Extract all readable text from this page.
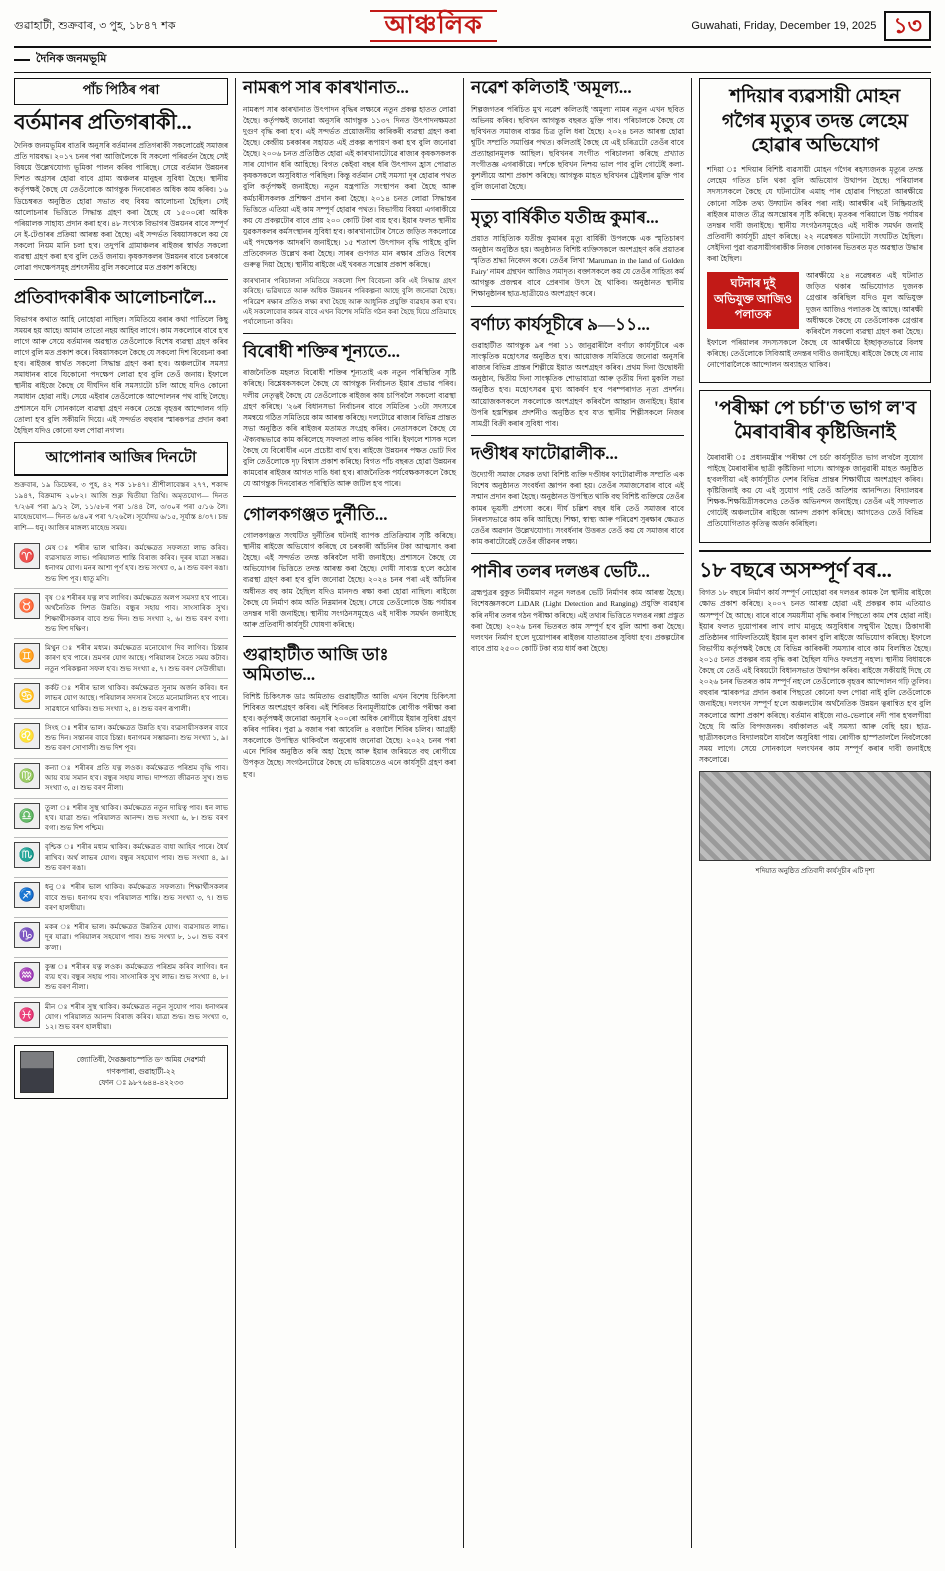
গুৱাহাটী, শুক্ৰবাৰ, ৩ পুহ, ১৮৪৭ শক	আঞ্চলিক	Guwahati, Friday, December 19, 2025 ১৩
দৈনিক জনমভূমি
পাঁচ পিঠিৰ পৰা
বৰ্তমানৰ প্ৰতিগৰাকী...

দৈনিক জনমভূমিৰ বাতৰি অনুসৰি বৰ্তমানৰ প্ৰতিগৰাকী সকলোৱেই সমাজৰ প্ৰতি দায়বদ্ধ। ২০১৭ চনৰ পৰা আজিলৈকে যি সকলো পৰিৱৰ্তন হৈছে সেই বিষয়ে উল্লেখযোগ্য ভূমিকা পালন কৰিব পাৰিছে। সেয়ে বৰ্তমান উন্নয়নৰ দিশত অগ্ৰসৰ হোৱা বাবে গ্ৰাম্য অঞ্চলৰ মানুহৰ সুবিধা হৈছে। স্থানীয় কৰ্তৃপক্ষই কৈছে যে তেওঁলোকে আগন্তুক দিনবোৰত অধিক কাম কৰিব। ১৬ ডিচেম্বৰত অনুষ্ঠিত হোৱা সভাত বহু বিষয় আলোচনা হৈছিল। সেই আলোচনাৰ ভিত্তিতে সিদ্ধান্ত গ্ৰহণ কৰা হৈছে যে ১৫০০ৰো অধিক পৰিয়ালক সাহায্য প্ৰদান কৰা হ'ব। ৪৮ সংখ্যক বিভাগৰ উন্নয়নৰ বাবে সম্পূৰ্ণ নে ই-টেণ্ডাৰৰ প্ৰক্ৰিয়া আৰম্ভ কৰা হৈছে। এই সন্দৰ্ভত বিষয়াসকলে কয় যে সকলো নিয়ম মানি চলা হ'ব। তদুপৰি গ্ৰামাঞ্চলৰ ৰাইজৰ স্বাৰ্থত সকলো ব্যৱস্থা গ্ৰহণ কৰা হ'ব বুলি তেওঁ জনায়। কৃষকসকলৰ উন্নয়নৰ বাবে চৰকাৰে লোৱা পদক্ষেপসমূহ প্ৰশংসনীয় বুলি সকলোৱে মত প্ৰকাশ কৰিছে।

প্ৰতিবাদকাৰীক আলোচনালৈ...

বিভাগৰ কথাত আহি নোহোৱা নাছিল। সমিতিয়ে বৰাৰ কথা পাতিলে কিছু সময়ৰ হয় আহে। আমাৰ তাতো নহয় আহিব লাগে। কাম সকলোৰে বাবে হ'ব লাগে আৰু সেয়ে বৰ্তমানৰ অৱস্থাত তেওঁলোকে বিশেষ ব্যৱস্থা গ্ৰহণ কৰিব লাগে বুলি মত প্ৰকাশ কৰে। বিষয়াসকলে কৈছে যে সকলো দিশ বিবেচনা কৰা হ'ব। ৰাইজৰ স্বাৰ্থত সকলো সিদ্ধান্ত গ্ৰহণ কৰা হ'ব। অঞ্চলটোৰ সমস্যা সমাধানৰ বাবে যিকোনো পদক্ষেপ লোৱা হ'ব বুলি তেওঁ জনায়। ইফালে স্থানীয় ৰাইজে কৈছে যে দীৰ্ঘদিন ধৰি সমস্যাটো চলি আছে যদিও কোনো সমাধান হোৱা নাই। সেয়ে এইবাৰ তেওঁলোকে আন্দোলনৰ পথ বাছি লৈছে। প্ৰশাসনে যদি সোনকালে ব্যৱস্থা গ্ৰহণ নকৰে তেন্তে বৃহত্তৰ আন্দোলন গঢ়ি তোলা হ'ব বুলি সকীয়নি দিয়ে। এই সন্দৰ্ভত বহুবাৰ স্মাৰকপত্ৰ প্ৰদান কৰা হৈছিল যদিও কোনো ফল পোৱা নগ'ল।

আপোনাৰ আজিৰ দিনটো

শুক্ৰবাৰ, ১৯ ডিচেম্বৰ, ৩ পুহ, ৪২ শক ১৮৪৭। শ্ৰীশীলাবেস্তৰ ২৭৭, শকাব্দ ১৯৪৭, বিক্ৰমাব্দ ২০৮২। আজি শুক্ল দ্বিতীয়া তিথি। অমৃতযোগ— দিনত ৭/২৬ৰ পৰা ৯/১২ লৈ, ১১/৫৮ৰ পৰা ১/৪৪ লৈ, ৩/৩০ৰ পৰা ৫/১৬ লৈ। মাহেন্দ্ৰযোগ— দিনত ৬/৪০ৰ পৰা ৭/২৬লৈ। সূৰ্যোদয় ৬/১৫, সূৰ্যাস্ত ৪/৩৭। চন্দ্ৰ ৰাশি— ধনু। আজিৰ মাঙ্গল্য মাহেন্দ্ৰ সময়।

♈	মেষ ঃ শৰীৰ ভাল থাকিব। কৰ্মক্ষেত্ৰত সফলতা লাভ কৰিব। ব্যৱসায়ত লাভ। পৰিয়ালত শান্তি বিৰাজ কৰিব। দূৰৰ যাত্ৰা সম্ভৱ। ধনাগম যোগ। মনৰ আশা পূৰ্ণ হ'ব। শুভ সংখ্যা ৩, ৯। শুভ বৰণ ৰঙা। শুভ দিশ পূব। ধাতু মণি।
♉	বৃষ ঃ শৰীৰৰ যত্ন ল'ব লাগিব। কৰ্মক্ষেত্ৰত অলপ সমস্যা হ'ব পাৰে। অৰ্থনৈতিক দিশত উন্নতি। বন্ধুৰ সহায় পাব। সাংসাৰিক সুখ। শিক্ষাৰ্থীসকলৰ বাবে শুভ দিন। শুভ সংখ্যা ২, ৬। শুভ বৰণ বগা। শুভ দিশ দক্ষিণ।
♊	মিথুন ঃ শৰীৰ মধ্যম। কৰ্মক্ষেত্ৰত মনোযোগ দিব লাগিব। চিন্তাৰ কাৰণ হ'ব পাৰে। ভ্ৰমণৰ যোগ আছে। পৰিয়ালৰ সৈতে সময় কটাব। নতুন পৰিকল্পনা সফল হ'ব। শুভ সংখ্যা ৫, ৭। শুভ বৰণ সেউজীয়া।
♋	কৰ্কট ঃ শৰীৰ ভাল থাকিব। কৰ্মক্ষেত্ৰত সুনাম অৰ্জন কৰিব। ধন লাভৰ যোগ আছে। পৰিয়ালৰ সদস্যৰ সৈতে মনোমালিন্য হ'ব পাৰে। সাৱধানে থাকিব। শুভ সংখ্যা ২, ৪। শুভ বৰণ ৰূপালী।
♌	সিংহ ঃ শৰীৰ ভাল। কৰ্মক্ষেত্ৰত উন্নতি হ'ব। ব্যৱসায়ীসকলৰ বাবে শুভ দিন। সন্তানৰ বাবে চিন্তা। ধনাগমৰ সম্ভাৱনা। শুভ সংখ্যা ১, ৯। শুভ বৰণ সোণালী। শুভ দিশ পূব।
♍	কন্যা ঃ শৰীৰৰ প্ৰতি যত্ন লওক। কৰ্মক্ষেত্ৰত পৰিশ্ৰম বৃদ্ধি পাব। আয় ব্যয় সমান হ'ব। বন্ধুৰ সহায় লাভ। দাম্পত্য জীৱনত সুখ। শুভ সংখ্যা ৩, ৫। শুভ বৰণ নীলা।
♎	তুলা ঃ শৰীৰ সুস্থ থাকিব। কৰ্মক্ষেত্ৰত নতুন দায়িত্ব পাব। ধন লাভ হ'ব। যাত্ৰা শুভ। পৰিয়ালত আনন্দ। শুভ সংখ্যা ৬, ৮। শুভ বৰণ বগা। শুভ দিশ পশ্চিম।
♏	বৃশ্চিক ঃ শৰীৰ মধ্যম থাকিব। কৰ্মক্ষেত্ৰত বাধা আহিব পাৰে। ধৈৰ্য ৰাখিব। অৰ্থ লাভৰ যোগ। বন্ধুৰ সহযোগ পাব। শুভ সংখ্যা ৪, ৯। শুভ বৰণ ৰঙা।
♐	ধনু ঃ শৰীৰ ভাল থাকিব। কৰ্মক্ষেত্ৰত সফলতা। শিক্ষাৰ্থীসকলৰ বাবে শুভ। ধনাগম হ'ব। পৰিয়ালত শান্তি। শুভ সংখ্যা ৩, ৭। শুভ বৰণ হালধীয়া।
♑	মকৰ ঃ শৰীৰ ভাল। কৰ্মক্ষেত্ৰত উন্নতিৰ যোগ। ব্যৱসায়ত লাভ। দূৰ যাত্ৰা। পৰিয়ালৰ সহযোগ পাব। শুভ সংখ্যা ৮, ১০। শুভ বৰণ ক'লা।
♒	কুম্ভ ঃ শৰীৰৰ যত্ন লওক। কৰ্মক্ষেত্ৰত পৰিশ্ৰম কৰিব লাগিব। ধন ব্যয় হ'ব। বন্ধুৰ সহায় পাব। সাংসাৰিক সুখ লাভ। শুভ সংখ্যা ৪, ৮। শুভ বৰণ নীলা।
♓	মীন ঃ শৰীৰ সুস্থ থাকিব। কৰ্মক্ষেত্ৰত নতুন সুযোগ পাব। ধনাগমৰ যোগ। পৰিয়ালত আনন্দ বিৰাজ কৰিব। যাত্ৰা শুভ। শুভ সংখ্যা ৩, ১২। শুভ বৰণ হালধীয়া।
জ্যোতিষী, দৈৱজ্ঞবাচস্পতি ড° অমিয় দেৱশৰ্মা
গণকপাৰা, গুৱাহাটী-২২
ফোন ঃ ৯৮৭৬৪৪-৪২২৩৩
নামৰূপ সাৰ কাৰখানাত...

নামৰূপ সাৰ কাৰখানাত উৎপাদন বৃদ্ধিৰ লক্ষ্যৰে নতুন প্ৰকল্প হাতত লোৱা হৈছে। কৰ্তৃপক্ষই জনোৱা অনুসৰি আগন্তুক ১১৩৭ দিনত উৎপাদনক্ষমতা দুগুণ বৃদ্ধি কৰা হ'ব। এই সন্দৰ্ভত প্ৰয়োজনীয় কাৰিকৰী ব্যৱস্থা গ্ৰহণ কৰা হৈছে। কেন্দ্ৰীয় চৰকাৰৰ সহায়ত এই প্ৰকল্প ৰূপায়ণ কৰা হ'ব বুলি জনোৱা হৈছে। ২০০৬ চনত প্ৰতিষ্ঠিত হোৱা এই কাৰখানাটোৱে ৰাজ্যৰ কৃষকসকলক সাৰ যোগান ধৰি আহিছে। বিগত কেইবা বছৰ ধৰি উৎপাদন হ্ৰাস পোৱাত কৃষকসকলে অসুবিধাত পৰিছিল। কিন্তু বৰ্তমান সেই সমস্যা দূৰ হোৱাৰ পথত বুলি কৰ্তৃপক্ষই জনাইছে। নতুন যন্ত্ৰপাতি সংস্থাপন কৰা হৈছে আৰু কৰ্মচাৰীসকলক প্ৰশিক্ষণ প্ৰদান কৰা হৈছে। ২০১৪ চনত লোৱা সিদ্ধান্তৰ ভিত্তিতে এতিয়া এই কাম সম্পূৰ্ণ হোৱাৰ পথত। বিভাগীয় বিষয়া এগৰাকীয়ে কয় যে প্ৰকল্পটোৰ বাবে প্ৰায় ২০০ কোটি টকা ব্যয় হ'ব। ইয়াৰ ফলত স্থানীয় যুৱকসকলৰ কৰ্মসংস্থানৰ সুবিধা হ'ব। কাৰখানাটোৰ সৈতে জড়িত সকলোৱে এই পদক্ষেপক আদৰণি জনাইছে। ১৫ শতাংশ উৎপাদন বৃদ্ধি পাইছে বুলি প্ৰতিবেদনত উল্লেখ কৰা হৈছে। সাৰৰ গুণগত মান ৰক্ষাৰ প্ৰতিও বিশেষ গুৰুত্ব দিয়া হৈছে। স্থানীয় ৰাইজে এই খবৰত সন্তোষ প্ৰকাশ কৰিছে।

কাৰখানাৰ পৰিচালনা সমিতিয়ে সকলো দিশ বিবেচনা কৰি এই সিদ্ধান্ত গ্ৰহণ কৰিছে। ভৱিষ্যতে আৰু অধিক উন্নয়নৰ পৰিকল্পনা আছে বুলি জনোৱা হৈছে। পৰিৱেশ ৰক্ষাৰ প্ৰতিও লক্ষ্য ৰখা হৈছে আৰু আধুনিক প্ৰযুক্তি ব্যৱহাৰ কৰা হ'ব। এই সকলোবোৰ কামৰ বাবে এখন বিশেষ সমিতি গঠন কৰা হৈছে যিয়ে প্ৰতিমাহে পৰ্যালোচনা কৰিব।

বিৰোধী শক্তিৰ শূন্যতে...

ৰাজনৈতিক মহলত বিৰোধী শক্তিৰ শূন্যতাই এক নতুন পৰিস্থিতিৰ সৃষ্টি কৰিছে। বিশ্লেষকসকলে কৈছে যে আগন্তুক নিৰ্বাচনত ইয়াৰ প্ৰভাৱ পৰিব। দলীয় নেতৃত্বই কৈছে যে তেওঁলোকে ৰাইজৰ কাষ চাপিবলৈ সকলো ব্যৱস্থা গ্ৰহণ কৰিছে। '২৬ৰ বিধানসভা নিৰ্বাচনৰ বাবে সমিতিৰ ১৩টা সদস্যৰে সমন্বয়ে গঠিত সমিতিয়ে কাম আৰম্ভ কৰিছে। দলটোৱে ৰাজ্যৰ বিভিন্ন প্ৰান্তত সভা অনুষ্ঠিত কৰি ৰাইজৰ মতামত সংগ্ৰহ কৰিব। নেতাসকলে কৈছে যে ঐক্যবদ্ধভাৱে কাম কৰিলেহে সফলতা লাভ কৰিব পাৰি। ইফালে শাসক দলে কৈছে যে বিৰোধীৰ এনে প্ৰচেষ্টা ব্যৰ্থ হ'ব। ৰাইজে উন্নয়নৰ পক্ষত ভোট দিব বুলি তেওঁলোকে দৃঢ় বিশ্বাস প্ৰকাশ কৰিছে। বিগত পাঁচ বছৰত হোৱা উন্নয়নৰ কামবোৰ ৰাইজৰ আগত দাঙি ধৰা হ'ব। ৰাজনৈতিক পৰ্যবেক্ষকসকলে কৈছে যে আগন্তুক দিনবোৰত পৰিস্থিতি আৰু জটিল হ'ব পাৰে।

গোলকগঞ্জত দুৰ্নীতি...

গোলকগঞ্জত সংঘটিত দুৰ্নীতিৰ ঘটনাই ব্যাপক প্ৰতিক্ৰিয়াৰ সৃষ্টি কৰিছে। স্থানীয় ৰাইজে অভিযোগ কৰিছে যে চৰকাৰী আঁচনিৰ টকা আত্মসাৎ কৰা হৈছে। এই সন্দৰ্ভত তদন্ত কৰিবলৈ দাবী জনাইছে। প্ৰশাসনে কৈছে যে অভিযোগৰ ভিত্তিতে তদন্ত আৰম্ভ কৰা হৈছে। দোষী সাব্যস্ত হ'লে কঠোৰ ব্যৱস্থা গ্ৰহণ কৰা হ'ব বুলি জনোৱা হৈছে। ২০২৪ চনৰ পৰা এই আঁচনিৰ অধীনত বহু কাম হৈছিল যদিও মানদণ্ড ৰক্ষা কৰা হোৱা নাছিল। ৰাইজে কৈছে যে নিৰ্মাণ কাম অতি নিম্নমানৰ হৈছে। সেয়ে তেওঁলোকে উচ্চ পৰ্যায়ৰ তদন্তৰ দাবী জনাইছে। স্থানীয় সংগঠনসমূহেও এই দাবীক সমৰ্থন জনাইছে আৰু প্ৰতিবাদী কাৰ্যসূচী ঘোষণা কৰিছে।

গুৱাহাটীত আজি ডাঃ অমিতাভ...

বিশিষ্ট চিকিৎসক ডাঃ অমিতাভ গুৱাহাটীত আজি এখন বিশেষ চিকিৎসা শিবিৰত অংশগ্ৰহণ কৰিব। এই শিবিৰত বিনামূলীয়াকৈ ৰোগীক পৰীক্ষা কৰা হ'ব। কৰ্তৃপক্ষই জনোৱা অনুসৰি ২০০ৰো অধিক ৰোগীয়ে ইয়াৰ সুবিধা গ্ৰহণ কৰিব পাৰিব। পুৱা ৯ বজাৰ পৰা আবেলি ৪ বজালৈ শিবিৰ চলিব। আগ্ৰহী সকলোকে উপস্থিত থাকিবলৈ অনুৰোধ জনোৱা হৈছে। ২০২২ চনৰ পৰা এনে শিবিৰ অনুষ্ঠিত কৰি অহা হৈছে আৰু ইয়াৰ জৰিয়তে বহু ৰোগীয়ে উপকৃত হৈছে। সংগঠনটোৱে কৈছে যে ভৱিষ্যতেও এনে কাৰ্যসূচী গ্ৰহণ কৰা হ'ব।

নৱেশ কলিতাই 'অমূল্য...

শিল্পজগতৰ পৰিচিত মুখ নৱেশ কলিতাই 'অমূল্য' নামৰ নতুন এখন ছবিত অভিনয় কৰিব। ছবিখন আগন্তুক বছৰত মুক্তি পাব। পৰিচালকে কৈছে যে ছবিখনত সমাজৰ বাস্তৱ চিত্ৰ তুলি ধৰা হৈছে। ২০২৪ চনত আৰম্ভ হোৱা শ্বুটিং সম্প্ৰতি সমাপ্তিৰ পথত। কলিতাই কৈছে যে এই চৰিত্ৰটো তেওঁৰ বাবে প্ৰত্যাহ্বানমূলক আছিল। ছবিখনৰ সংগীত পৰিচালনা কৰিছে প্ৰখ্যাত সংগীতজ্ঞ এগৰাকীয়ে। দৰ্শকে ছবিখন নিশ্চয় ভাল পাব বুলি গোটেই কলা-কুশলীয়ে আশা প্ৰকাশ কৰিছে। আগন্তুক মাহত ছবিখনৰ ট্ৰেইলাৰ মুক্তি পাব বুলি জনোৱা হৈছে।

মৃত্যু বাৰ্ষিকীত যতীন্দ্ৰ কুমাৰ...

প্ৰয়াত সাহিত্যিক যতীন্দ্ৰ কুমাৰৰ মৃত্যু বাৰ্ষিকী উপলক্ষে এক স্মৃতিচাৰণ অনুষ্ঠান অনুষ্ঠিত হয়। অনুষ্ঠানত বিশিষ্ট ব্যক্তিসকলে অংশগ্ৰহণ কৰি প্ৰয়াতৰ স্মৃতিত শ্ৰদ্ধা নিবেদন কৰে। তেওঁৰ লিখা 'Maruman in the land of Golden Fairy' নামৰ গ্ৰন্থখন আজিও সমাদৃত। বক্তাসকলে কয় যে তেওঁৰ সাহিত্য কৰ্ম আগন্তুক প্ৰজন্মৰ বাবে প্ৰেৰণাৰ উৎস হৈ থাকিব। অনুষ্ঠানত স্থানীয় শিক্ষানুষ্ঠানৰ ছাত্ৰ-ছাত্ৰীয়েও অংশগ্ৰহণ কৰে।

বৰ্ণাঢ্য কাৰ্যসূচীৰে ৯—১১...

গুৱাহাটীত আগন্তুক ৯ৰ পৰা ১১ জানুৱাৰীলৈ বৰ্ণাঢ্য কাৰ্যসূচীৰে এক সাংস্কৃতিক মহোৎসৱ অনুষ্ঠিত হ'ব। আয়োজক সমিতিয়ে জনোৱা অনুসৰি ৰাজ্যৰ বিভিন্ন প্ৰান্তৰ শিল্পীয়ে ইয়াত অংশগ্ৰহণ কৰিব। প্ৰথম দিনা উদ্বোধনী অনুষ্ঠান, দ্বিতীয় দিনা সাংস্কৃতিক শোভাযাত্ৰা আৰু তৃতীয় দিনা মুকলি সভা অনুষ্ঠিত হ'ব। মহোৎসৱৰ মুখ্য আকৰ্ষণ হ'ব পৰম্পৰাগত নৃত্য প্ৰদৰ্শন। আয়োজকসকলে সকলোকে অংশগ্ৰহণ কৰিবলৈ আহ্বান জনাইছে। ইয়াৰ উপৰি হস্তশিল্পৰ প্ৰদৰ্শনীও অনুষ্ঠিত হ'ব য'ত স্থানীয় শিল্পীসকলে নিজৰ সামগ্ৰী বিক্ৰী কৰাৰ সুবিধা পাব।

দণ্ডীধৰ ফাটোৱালীক...

উদ্যোগী সমাজ সেৱক তথা বিশিষ্ট ব্যক্তি দণ্ডীধৰ ফাটোৱালীক সম্প্ৰতি এক বিশেষ অনুষ্ঠানত সংবৰ্ধনা জ্ঞাপন কৰা হয়। তেওঁৰ সমাজসেৱাৰ বাবে এই সন্মান প্ৰদান কৰা হৈছে। অনুষ্ঠানত উপস্থিত থাকি বহু বিশিষ্ট ব্যক্তিয়ে তেওঁৰ কামৰ ভূয়সী প্ৰশংসা কৰে। দীৰ্ঘ চল্লিশ বছৰ ধৰি তেওঁ সমাজৰ বাবে নিৰলসভাৱে কাম কৰি আহিছে। শিক্ষা, স্বাস্থ্য আৰু পৰিৱেশ সুৰক্ষাৰ ক্ষেত্ৰত তেওঁৰ অৱদান উল্লেখযোগ্য। সংবৰ্ধনাৰ উত্তৰত তেওঁ কয় যে সমাজৰ বাবে কাম কৰাটোৱেই তেওঁৰ জীৱনৰ লক্ষ্য।

পানীৰ তলৰ দলঙৰ ভেটি...

ব্ৰহ্মপুত্ৰৰ বুকুত নিৰ্মীয়মাণ নতুন দলঙৰ ভেটি নিৰ্মাণৰ কাম আৰম্ভ হৈছে। বিশেষজ্ঞসকলে LiDAR (Light Detection and Ranging) প্ৰযুক্তি ব্যৱহাৰ কৰি নদীৰ তলৰ গঠন পৰীক্ষা কৰিছে। এই তথ্যৰ ভিত্তিতে দলঙৰ নক্সা প্ৰস্তুত কৰা হৈছে। ২০২৬ চনৰ ভিতৰত কাম সম্পূৰ্ণ হ'ব বুলি আশা কৰা হৈছে। দলংখন নিৰ্মাণ হ'লে দুয়োপাৰৰ ৰাইজৰ যাতায়াতৰ সুবিধা হ'ব। প্ৰকল্পটোৰ বাবে প্ৰায় ২৫০০ কোটি টকা ব্যয় ধাৰ্য কৰা হৈছে।

শদিয়াৰ ব্যৱসায়ী মোহন গগৈৰ মৃত্যুৰ তদন্ত লেহেম হোৱাৰ অভিযোগ

শদিয়া ঃ শদিয়াৰ বিশিষ্ট ব্যৱসায়ী মোহন গগৈৰ ৰহস্যজনক মৃত্যুৰ তদন্ত লেহেম গতিত চলি থকা বুলি অভিযোগ উত্থাপন হৈছে। পৰিয়ালৰ সদস্যসকলে কৈছে যে ঘটনাটোৰ এমাহ পাৰ হোৱাৰ পিছতো আৰক্ষীয়ে কোনো সঠিক তথ্য উদ্ঘাটন কৰিব পৰা নাই। আৰক্ষীৰ এই নিষ্ক্ৰিয়তাই ৰাইজৰ মাজত তীব্ৰ অসন্তোষৰ সৃষ্টি কৰিছে। মৃতকৰ পৰিয়ালে উচ্চ পৰ্যায়ৰ তদন্তৰ দাবী জনাইছে। স্থানীয় সংগঠনসমূহেও এই দাবীক সমৰ্থন জনাই প্ৰতিবাদী কাৰ্যসূচী গ্ৰহণ কৰিছে। ২২ নৱেম্বৰত ঘটনাটো সংঘটিত হৈছিল। সেইদিনা পুৱা ব্যৱসায়ীগৰাকীক নিজৰ দোকানৰ ভিতৰত মৃত অৱস্থাত উদ্ধাৰ কৰা হৈছিল।

ঘটনাৰ দুই অভিযুক্ত আজিও পলাতক

আৰক্ষীয়ে ২৪ নৱেম্বৰত এই ঘটনাত জড়িত থকাৰ অভিযোগত দুজনক গ্ৰেপ্তাৰ কৰিছিল যদিও মূল অভিযুক্ত দুজন আজিও পলাতক হৈ আছে। আৰক্ষী অধীক্ষকে কৈছে যে তেওঁলোকক গ্ৰেপ্তাৰ কৰিবলৈ সকলো ব্যৱস্থা গ্ৰহণ কৰা হৈছে। ইফালে পৰিয়ালৰ সদস্যসকলে কৈছে যে আৰক্ষীয়ে ইচ্ছাকৃতভাৱে বিলম্ব কৰিছে। তেওঁলোকে সিবিআই তদন্তৰ দাবীও জনাইছে। ৰাইজে কৈছে যে ন্যায় নোপোৱালৈকে আন্দোলন অব্যাহত থাকিব।

'পৰীক্ষা পে চৰ্চা'ত ভাগ ল'ব মৈৰাবাৰীৰ কৃষ্টিজিনাই

মৈৰাবাৰী ঃ প্ৰধানমন্ত্ৰীৰ 'পৰীক্ষা পে চৰ্চা' কাৰ্যসূচীত ভাগ ল'বলৈ সুযোগ পাইছে মৈৰাবাৰীৰ ছাত্ৰী কৃষ্টিজিনা দাসে। আগন্তুক জানুৱাৰী মাহত অনুষ্ঠিত হ'বলগীয়া এই কাৰ্যসূচীত দেশৰ বিভিন্ন প্ৰান্তৰ শিক্ষাৰ্থীয়ে অংশগ্ৰহণ কৰিব। কৃষ্টিজিনাই কয় যে এই সুযোগ পাই তেওঁ অতিশয় আনন্দিত। বিদ্যালয়ৰ শিক্ষক-শিক্ষয়িত্ৰীসকলেও তেওঁক অভিনন্দন জনাইছে। তেওঁৰ এই সাফল্যত গোটেই অঞ্চলটোৰ ৰাইজে আনন্দ প্ৰকাশ কৰিছে। আগতেও তেওঁ বিভিন্ন প্ৰতিযোগিতাত কৃতিত্ব অৰ্জন কৰিছিল।

১৮ বছৰে অসম্পূৰ্ণ বৰ...

বিগত ১৮ বছৰে নিৰ্মাণ কাৰ্য সম্পূৰ্ণ নোহোৱা বৰ দলঙৰ কামক লৈ স্থানীয় ৰাইজে ক্ষোভ প্ৰকাশ কৰিছে। ২০০৭ চনত আৰম্ভ হোৱা এই প্ৰকল্পৰ কাম এতিয়াও অসম্পূৰ্ণ হৈ আছে। বাৰে বাৰে সময়সীমা বৃদ্ধি কৰাৰ পিছতো কাম শেষ হোৱা নাই। ইয়াৰ ফলত দুয়োপাৰৰ লাখ লাখ মানুহে অসুবিধাৰ সন্মুখীন হৈছে। ঠিকাদাৰী প্ৰতিষ্ঠানৰ গাফিলতিয়েই ইয়াৰ মূল কাৰণ বুলি ৰাইজে অভিযোগ কৰিছে। ইফালে বিভাগীয় কৰ্তৃপক্ষই কৈছে যে বিভিন্ন কাৰিকৰী সমস্যাৰ বাবে কাম বিলম্বিত হৈছে। ২০১৫ চনত প্ৰকল্পৰ ব্যয় বৃদ্ধি কৰা হৈছিল যদিও ফলপ্ৰসূ নহ'ল। স্থানীয় বিধায়কে কৈছে যে তেওঁ এই বিষয়টো বিধানসভাত উত্থাপন কৰিব। ৰাইজে সকীয়াই দিছে যে ২০২৬ চনৰ ভিতৰত কাম সম্পূৰ্ণ নহ'লে তেওঁলোকে বৃহত্তৰ আন্দোলন গঢ়ি তুলিব। বহুবাৰ স্মাৰকপত্ৰ প্ৰদান কৰাৰ পিছতো কোনো ফল পোৱা নাই বুলি তেওঁলোকে জনাইছে। দলংখন সম্পূৰ্ণ হ'লে অঞ্চলটোৰ অৰ্থনৈতিক উন্নয়ন ত্বৰান্বিত হ'ব বুলি সকলোৱে আশা প্ৰকাশ কৰিছে। বৰ্তমান ৰাইজে নাও-ভেলাৰে নদী পাৰ হ'বলগীয়া হৈছে যি অতি বিপদজনক। বৰ্ষাকালত এই সমস্যা আৰু বেছি হয়। ছাত্ৰ-ছাত্ৰীসকলেও বিদ্যালয়লৈ যাবলৈ অসুবিধা পায়। ৰোগীক হাস্পতাললৈ নিবলৈকো সময় লাগে। সেয়ে সোনকালে দলংখনৰ কাম সম্পূৰ্ণ কৰাৰ দাবী জনাইছে সকলোৱে।

শদিয়াত অনুষ্ঠিত প্ৰতিবাদী কাৰ্যসূচীৰ এটি দৃশ্য
